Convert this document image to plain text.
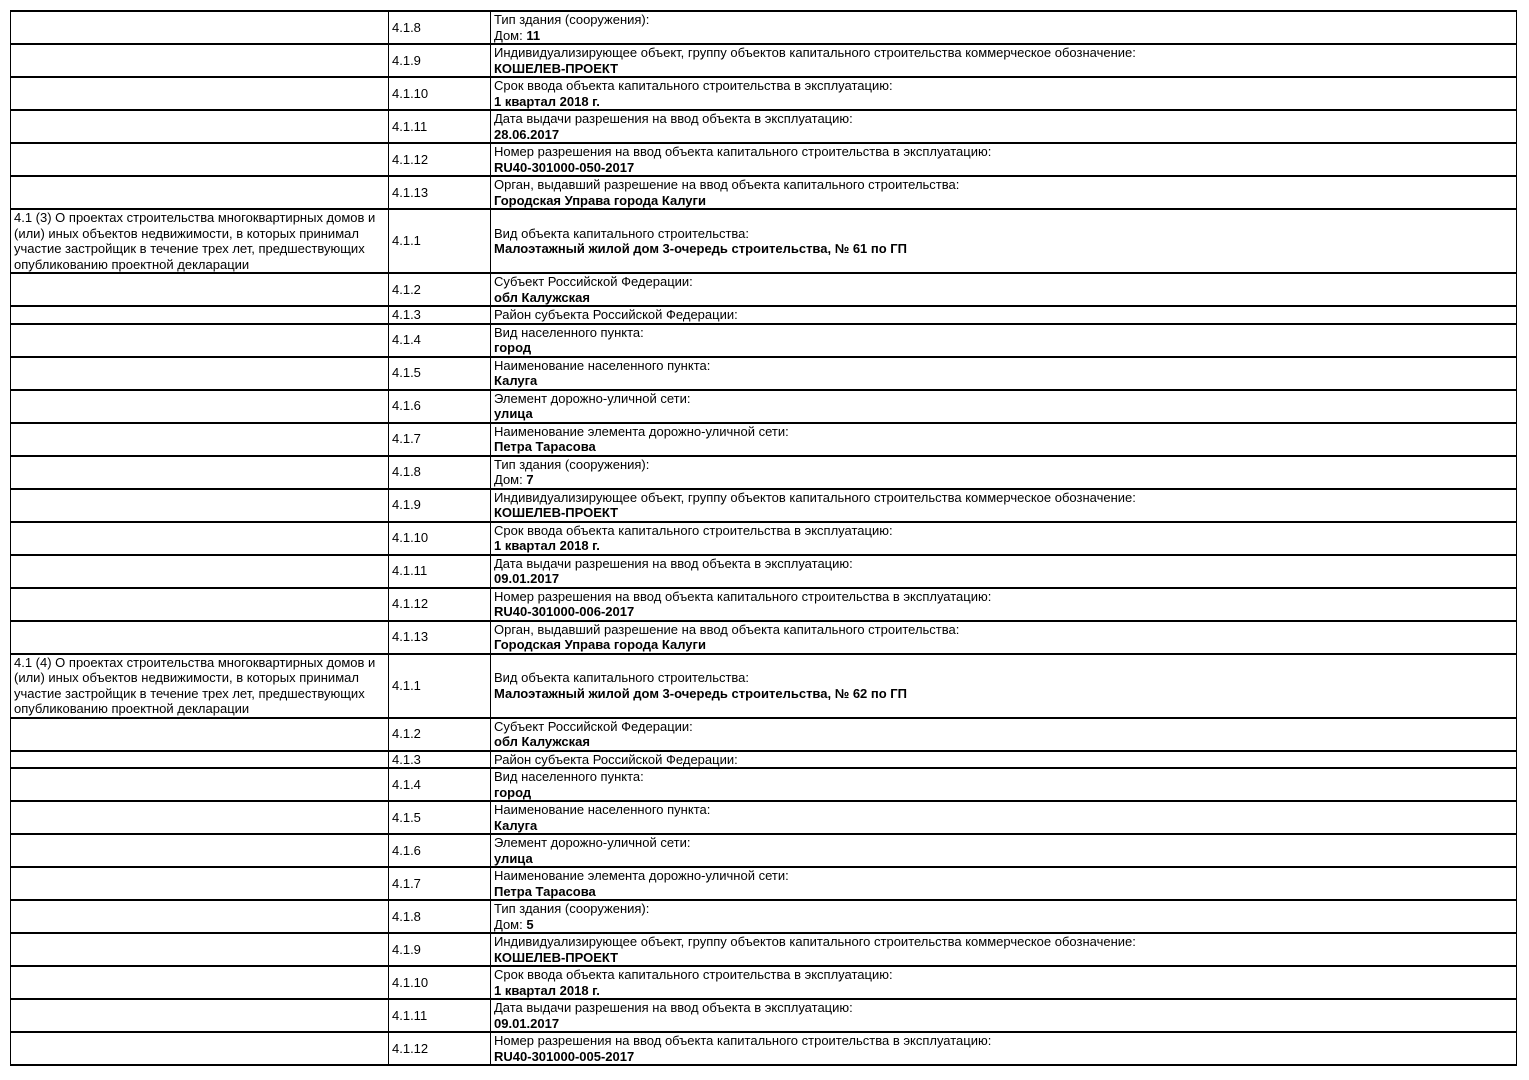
	4.1.8	Тип здания (сооружения):
Дом: 11

	4.1.9	Индивидуализирующее объект, группу объектов капитального строительства коммерческое обозначение:
КОШЕЛЕВ-ПРОЕКТ

	4.1.10	Срок ввода объекта капитального строительства в эксплуатацию:
1 квартал 2018 г.

	4.1.11	Дата выдачи разрешения на ввод объекта в эксплуатацию:
28.06.2017

	4.1.12	Номер разрешения на ввод объекта капитального строительства в эксплуатацию:
RU40-301000-050-2017

	4.1.13	Орган, выдавший разрешение на ввод объекта капитального строительства:
Городская Управа города Калуги

4.1 (3) О проектах строительства многоквартирных домов и (или) иных объектов недвижимости, в которых принимал участие застройщик в течение трех лет, предшествующих опубликованию проектной декларации	4.1.1	Вид объекта капитального строительства:
Малоэтажный жилой дом 3-очередь строительства, № 61 по ГП

	4.1.2	Субъект Российской Федерации:
обл Калужская

	4.1.3	Район субъекта Российской Федерации:

	4.1.4	Вид населенного пункта:
город

	4.1.5	Наименование населенного пункта:
Калуга

	4.1.6	Элемент дорожно-уличной сети:
улица

	4.1.7	Наименование элемента дорожно-уличной сети:
Петра Тарасова

	4.1.8	Тип здания (сооружения):
Дом: 7

	4.1.9	Индивидуализирующее объект, группу объектов капитального строительства коммерческое обозначение:
КОШЕЛЕВ-ПРОЕКТ

	4.1.10	Срок ввода объекта капитального строительства в эксплуатацию:
1 квартал 2018 г.

	4.1.11	Дата выдачи разрешения на ввод объекта в эксплуатацию:
09.01.2017

	4.1.12	Номер разрешения на ввод объекта капитального строительства в эксплуатацию:
RU40-301000-006-2017

	4.1.13	Орган, выдавший разрешение на ввод объекта капитального строительства:
Городская Управа города Калуги

4.1 (4) О проектах строительства многоквартирных домов и (или) иных объектов недвижимости, в которых принимал участие застройщик в течение трех лет, предшествующих опубликованию проектной декларации	4.1.1	Вид объекта капитального строительства:
Малоэтажный жилой дом 3-очередь строительства, № 62 по ГП

	4.1.2	Субъект Российской Федерации:
обл Калужская

	4.1.3	Район субъекта Российской Федерации:

	4.1.4	Вид населенного пункта:
город

	4.1.5	Наименование населенного пункта:
Калуга

	4.1.6	Элемент дорожно-уличной сети:
улица

	4.1.7	Наименование элемента дорожно-уличной сети:
Петра Тарасова

	4.1.8	Тип здания (сооружения):
Дом: 5

	4.1.9	Индивидуализирующее объект, группу объектов капитального строительства коммерческое обозначение:
КОШЕЛЕВ-ПРОЕКТ

	4.1.10	Срок ввода объекта капитального строительства в эксплуатацию:
1 квартал 2018 г.

	4.1.11	Дата выдачи разрешения на ввод объекта в эксплуатацию:
09.01.2017

	4.1.12	Номер разрешения на ввод объекта капитального строительства в эксплуатацию:
RU40-301000-005-2017
